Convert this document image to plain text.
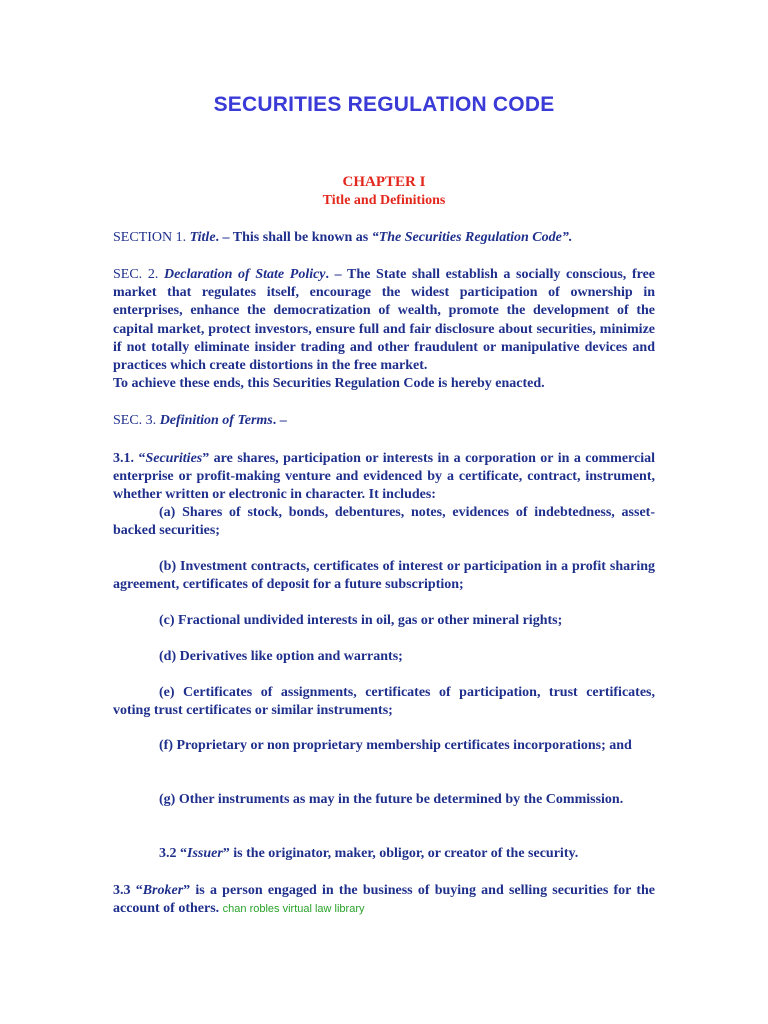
SECURITIES REGULATION CODE
CHAPTER I
Title and Definitions

SECTION 1. Title. – This shall be known as “The Securities Regulation Code”.

SEC. 2. Declaration of State Policy. – The State shall establish a socially conscious, free market that regulates itself, encourage the widest participation of ownership in enterprises, enhance the democratization of wealth, promote the development of the capital market, protect investors, ensure full and fair disclosure about securities, minimize if not totally eliminate insider trading and other fraudulent or manipulative devices and practices which create distortions in the free market.

To achieve these ends, this Securities Regulation Code is hereby enacted.

SEC. 3. Definition of Terms. –

3.1. “Securities” are shares, participation or interests in a corporation or in a commercial enterprise or profit-making venture and evidenced by a certificate, contract, instrument, whether written or electronic in character. It includes:

(a) Shares of stock, bonds, debentures, notes, evidences of indebtedness, asset-backed securities;

(b) Investment contracts, certificates of interest or participation in a profit sharing agreement, certificates of deposit for a future subscription;

(c) Fractional undivided interests in oil, gas or other mineral rights;

(d) Derivatives like option and warrants;

(e) Certificates of assignments, certificates of participation, trust certificates, voting trust certificates or similar instruments;

(f) Proprietary or non proprietary membership certificates incorporations; and

(g) Other instruments as may in the future be determined by the Commission.

3.2 “Issuer” is the originator, maker, obligor, or creator of the security.

3.3 “Broker” is a person engaged in the business of buying and selling securities for the account of others. chan robles virtual law library
